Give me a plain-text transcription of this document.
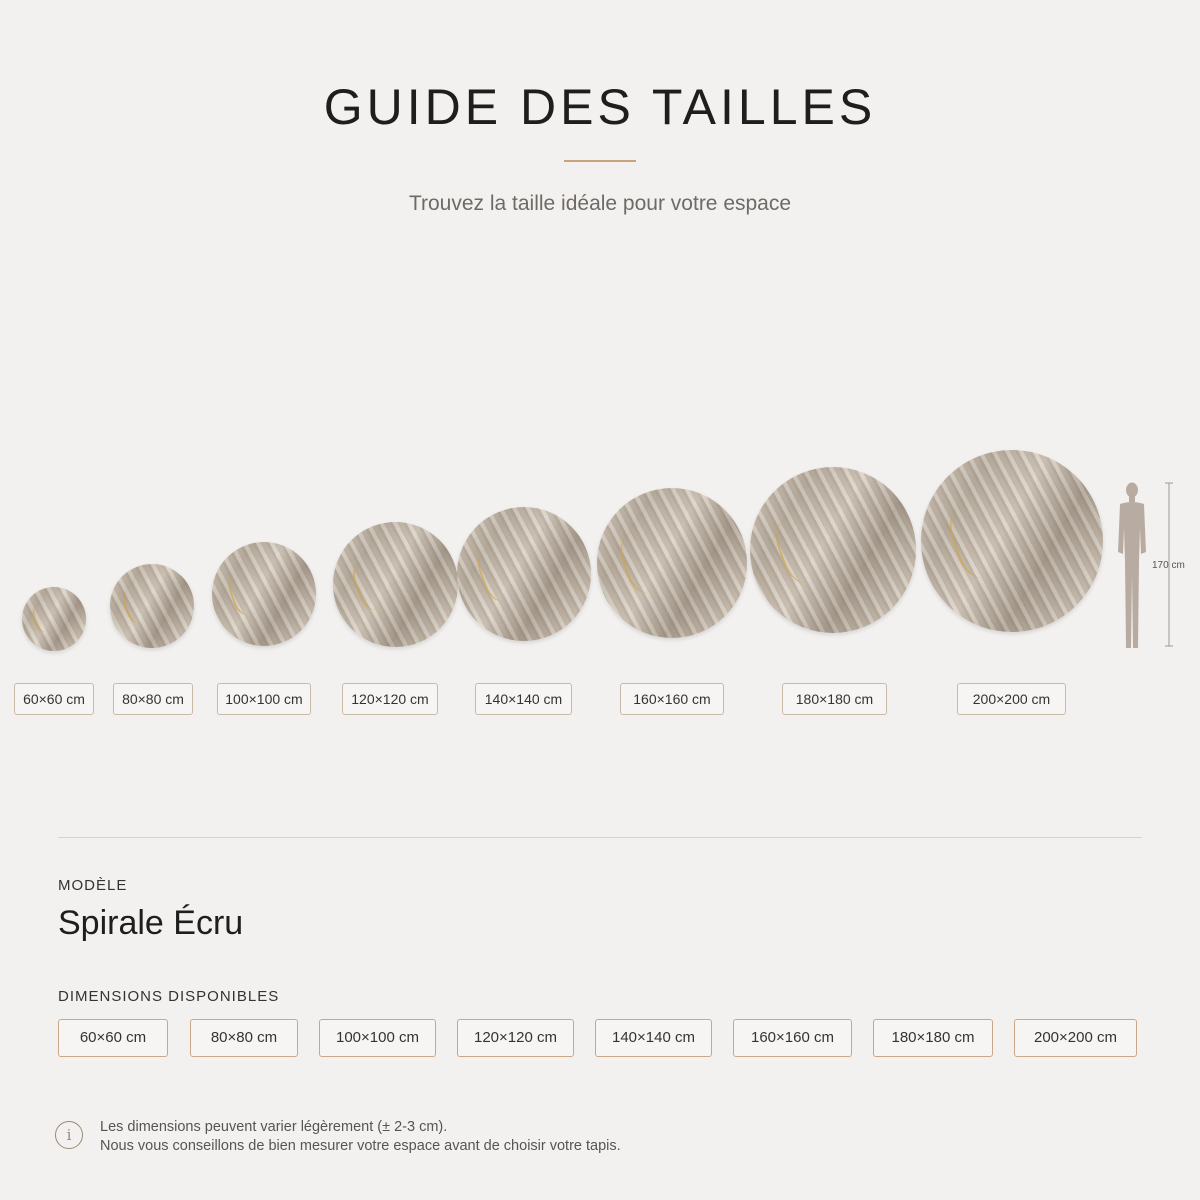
GUIDE DES TAILLES
Trouvez la taille idéale pour votre espace
60×60 cm	80×80 cm	100×100 cm	120×120 cm	140×140 cm	160×160 cm	180×180 cm	200×200 cm
170 cm
MODÈLE
Spirale Écru
DIMENSIONS DISPONIBLES
60×60 cm	80×80 cm	100×100 cm	120×120 cm	140×140 cm	160×160 cm	180×180 cm	200×200 cm
i	Les dimensions peuvent varier légèrement (± 2-3 cm).
Nous vous conseillons de bien mesurer votre espace avant de choisir votre tapis.
